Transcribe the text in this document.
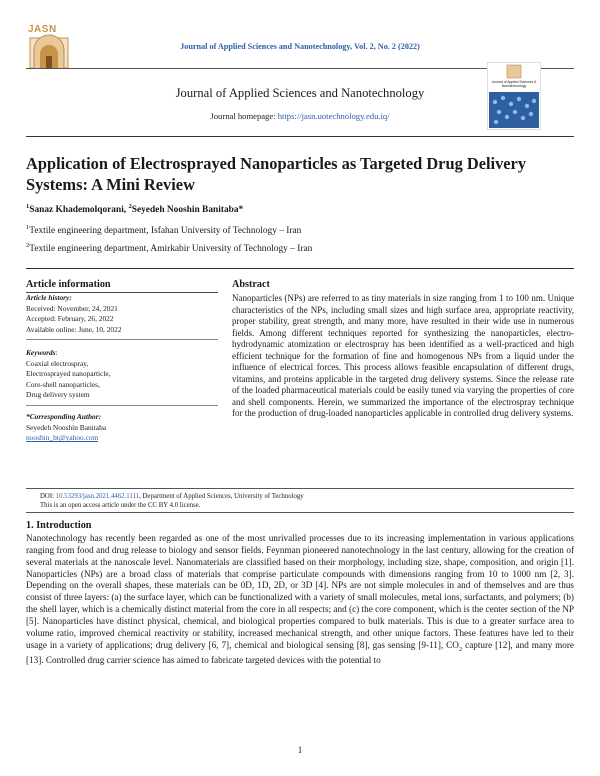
JASN
Journal of Applied Sciences and Nanotechnology, Vol. 2, No. 2 (2022)
Journal of Applied Sciences and Nanotechnology
Journal homepage: https://jasn.uotechnology.edu.iq/
Journal of Applied Sciences & Nanotechnology
Application of Electrosprayed Nanoparticles as Targeted Drug Delivery Systems: A Mini Review
$^1$Sanaz Khademolqorani, $^2$Seyedeh Nooshin Banitaba*
$^1$Textile engineering department, Isfahan University of Technology – Iran
$^2$Textile engineering department, Amirkabir University of Technology – Iran
Article information
Article history:
Received: November, 24, 2021
Accepted: February, 26, 2022
Available online: June, 10, 2022
Keywords:
Coaxial electrospray,
Electrosprayed nanoparticle,
Core-shell nanoparticles,
Drug delivery system
*Corresponding Author:
Seyedeh Nooshin Banitaba
nooshin_bt@yahoo.com
Abstract
Nanoparticles (NPs) are referred to as tiny materials in size ranging from 1 to 100 nm. Unique characteristics of the NPs, including small sizes and high surface area, appropriate reactivity, proper stability, great strength, and many more, have resulted in their wide use in numerous fields. Among different techniques reported for synthesizing the nanoparticles, electro-hydrodynamic atomization or electrospray has been identified as a well-practiced and high efficient technique for the formation of fine and homogenous NPs from a liquid under the influence of electrical forces. This process allows feasible encapsulation of different drugs, vitamins, and proteins applicable in the targeted drug delivery systems. Since the release rate of the loaded pharmaceutical materials could be easily tuned via varying the properties of core and shell components. Herein, we summarized the importance of the electrospray technique for the production of drug-loaded nanoparticles applicable in controlled drug delivery systems.
DOI: 10.53293/jasn.2021.4462.1111, Department of Applied Sciences, University of Technology
This is an open access article under the CC BY 4.0 license.
1. Introduction
Nanotechnology has recently been regarded as one of the most unrivalled processes due to its increasing implementation in various applications ranging from food and drug release to biology and sensor fields. Feynman pioneered nanotechnology in the last century, allowing for the creation of several materials at the nanoscale level. Nanomaterials are classified based on their morphology, including size, shape, composition, and origin [1]. Nanoparticles (NPs) are a broad class of materials that comprise particulate compounds with dimensions ranging from 10 to 1000 nm [2, 3]. Depending on the overall shapes, these materials can be 0D, 1D, 2D, or 3D [4]. NPs are not simple molecules in and of themselves and are thus consist of three layers: (a) the surface layer, which can be functionalized with a variety of small molecules, metal ions, surfactants, and polymers; (b) the shell layer, which is a chemically distinct material from the core in all respects; and (c) the core component, which is the center section of the NP [5]. Nanoparticles have distinct physical, chemical, and biological properties compared to bulk materials. This is due to a greater surface area to volume ratio, improved chemical reactivity or stability, increased mechanical strength, and other unique factors. These features have led to their usage in a variety of applications; drug delivery [6, 7], chemical and biological sensing [8], gas sensing [9-11], $CO_2$ capture [12], and many more [13]. Controlled drug carrier science has aimed to fabricate targeted devices with the potential to
1
